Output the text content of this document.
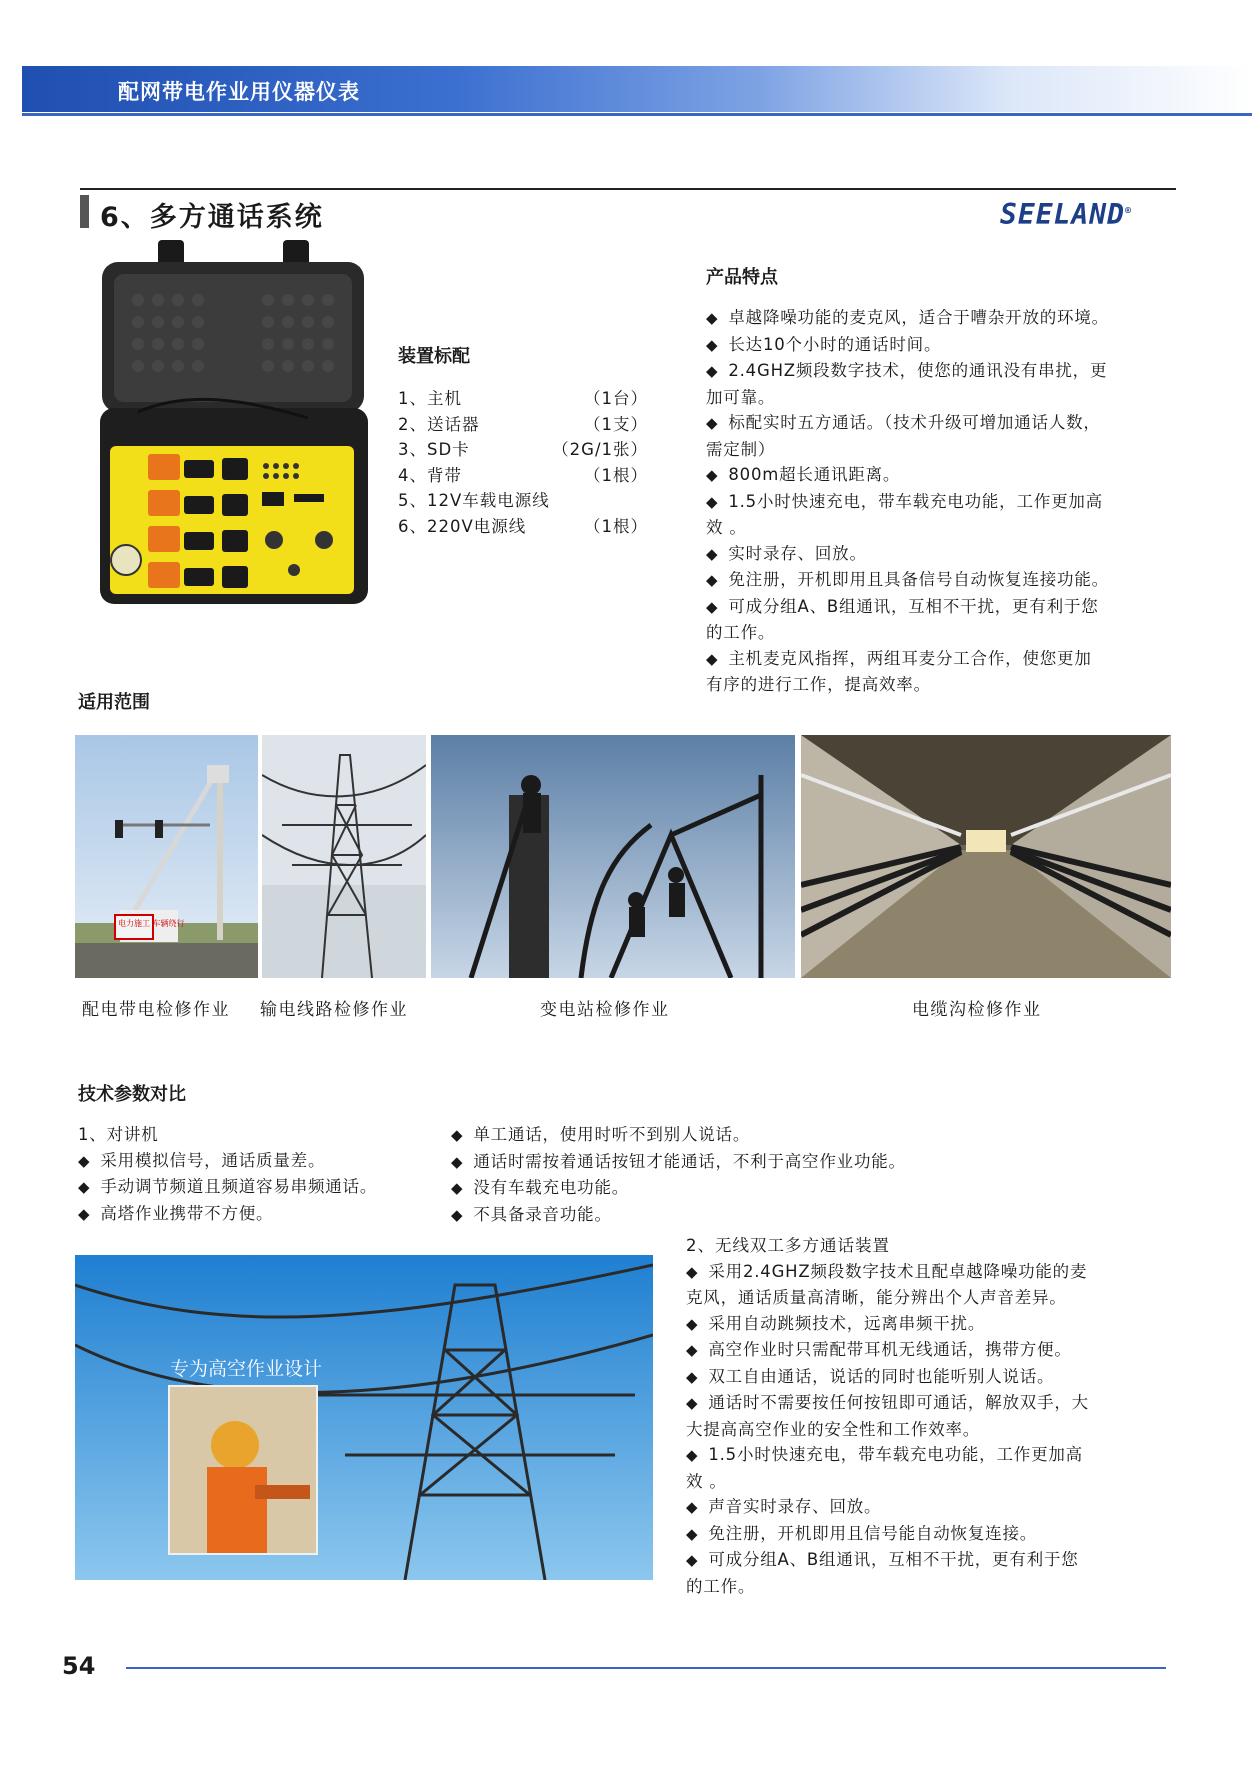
配网带电作业用仪器仪表
6、多方通话系统	SEELAND®
装置标配
1、主机	（1台）
2、送话器	（1支）
3、SD卡	（2G/1张）
4、背带	（1根）
5、12V车载电源线
6、220V电源线	（1根）
产品特点
◆ 卓越降噪功能的麦克风，适合于嘈杂开放的环境。
◆ 长达10个小时的通话时间。
◆ 2.4GHZ频段数字技术，使您的通讯没有串扰，更
加可靠。
◆ 标配实时五方通话。（技术升级可增加通话人数，
需定制）
◆ 800m超长通讯距离。
◆ 1.5小时快速充电，带车载充电功能，工作更加高
效 。
◆ 实时录存、回放。
◆ 免注册，开机即用且具备信号自动恢复连接功能。
◆ 可成分组A、B组通讯，互相不干扰，更有利于您
的工作。
◆ 主机麦克风指挥，两组耳麦分工合作，使您更加
有序的进行工作，提高效率。
适用范围
电力施工 车辆绕行
配电带电检修作业 输电线路检修作业	变电站检修作业	电缆沟检修作业
技术参数对比
1、对讲机
◆ 采用模拟信号，通话质量差。
◆ 手动调节频道且频道容易串频通话。
◆ 高塔作业携带不方便。
◆ 单工通话，使用时听不到别人说话。
◆ 通话时需按着通话按钮才能通话，不利于高空作业功能。
◆ 没有车载充电功能。
◆ 不具备录音功能。
2、无线双工多方通话装置
◆ 采用2.4GHZ频段数字技术且配卓越降噪功能的麦
克风，通话质量高清晰，能分辨出个人声音差异。
◆ 采用自动跳频技术，远离串频干扰。
◆ 高空作业时只需配带耳机无线通话，携带方便。
◆ 双工自由通话，说话的同时也能听别人说话。
◆ 通话时不需要按任何按钮即可通话，解放双手，大
大提高高空作业的安全性和工作效率。
◆ 1.5小时快速充电，带车载充电功能，工作更加高
效 。
◆ 声音实时录存、回放。
◆ 免注册，开机即用且信号能自动恢复连接。
◆ 可成分组A、B组通讯，互相不干扰，更有利于您
的工作。
专为高空作业设计
54
